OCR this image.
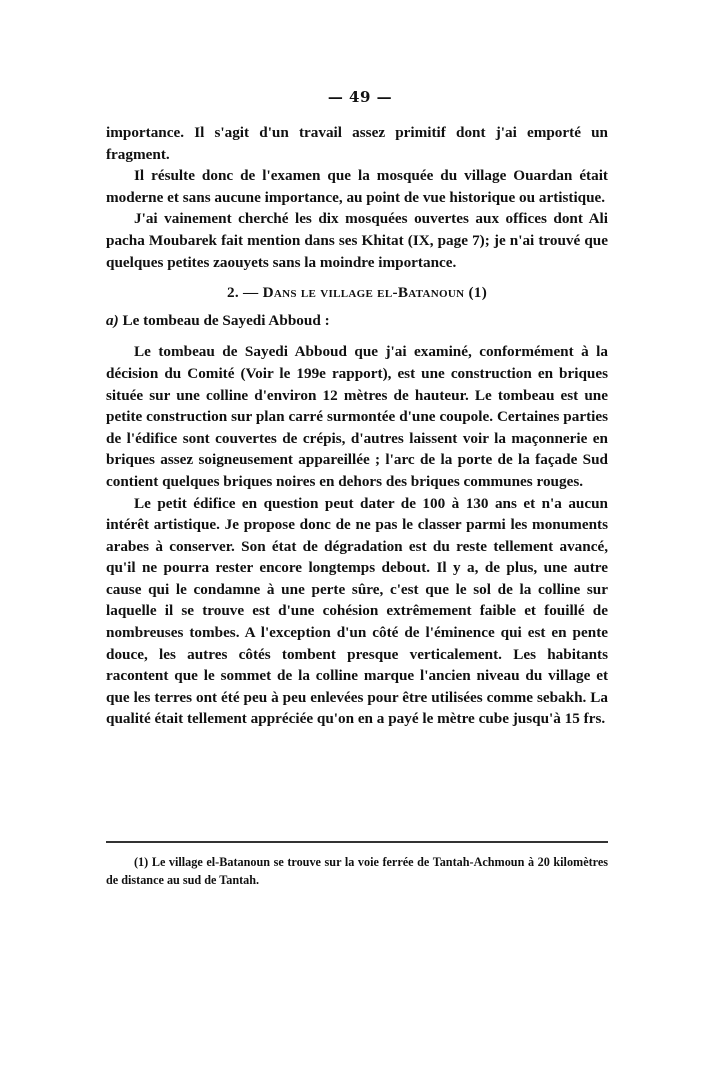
— 49 —

importance. Il s'agit d'un travail assez primitif dont j'ai emporté un fragment.

Il résulte donc de l'examen que la mosquée du village Ouardan était moderne et sans aucune importance, au point de vue historique ou artistique.

J'ai vainement cherché les dix mosquées ouvertes aux offices dont Ali pacha Moubarek fait mention dans ses Khitat (IX, page 7); je n'ai trouvé que quelques petites zaouyets sans la moindre importance.

2. — Dans le village el-Batanoun (1)

a) Le tombeau de Sayedi Abboud :

Le tombeau de Sayedi Abboud que j'ai examiné, conformément à la décision du Comité (Voir le 199e rapport), est une construction en briques située sur une colline d'environ 12 mètres de hauteur. Le tombeau est une petite construction sur plan carré surmontée d'une coupole. Certaines parties de l'édifice sont couvertes de crépis, d'autres laissent voir la maçonnerie en briques assez soigneusement appareillée ; l'arc de la porte de la façade Sud contient quelques briques noires en dehors des briques communes rouges.

Le petit édifice en question peut dater de 100 à 130 ans et n'a aucun intérêt artistique. Je propose donc de ne pas le classer parmi les monuments arabes à conserver. Son état de dégradation est du reste tellement avancé, qu'il ne pourra rester encore longtemps debout. Il y a, de plus, une autre cause qui le condamne à une perte sûre, c'est que le sol de la colline sur laquelle il se trouve est d'une cohésion extrêmement faible et fouillé de nombreuses tombes. A l'exception d'un côté de l'éminence qui est en pente douce, les autres côtés tombent presque verticalement. Les habitants racontent que le sommet de la colline marque l'ancien niveau du village et que les terres ont été peu à peu enlevées pour être utilisées comme sebakh. La qualité était tellement appréciée qu'on en a payé le mètre cube jusqu'à 15 frs.

(1) Le village el-Batanoun se trouve sur la voie ferrée de Tantah-Achmoun à 20 kilomètres de distance au sud de Tantah.
